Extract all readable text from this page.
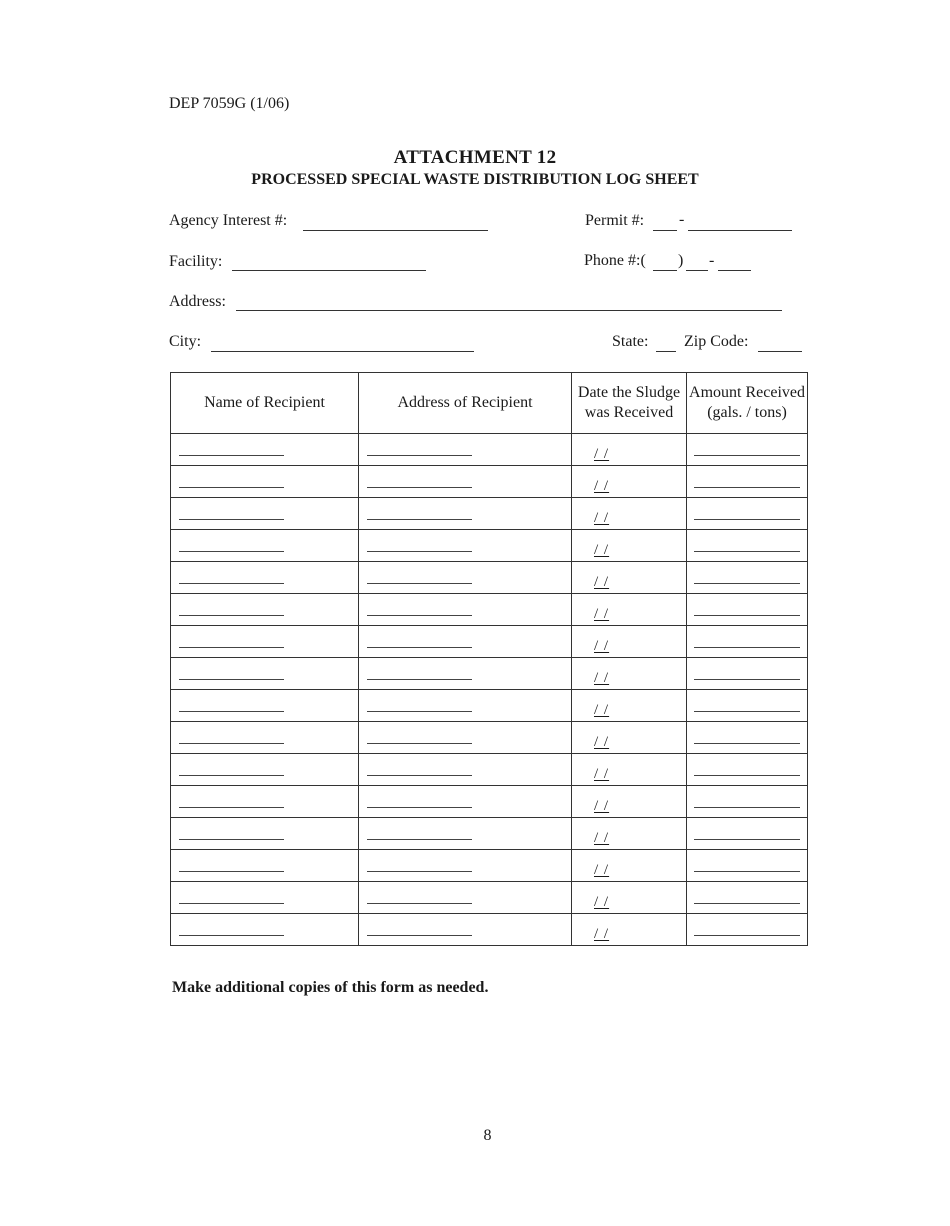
DEP 7059G (1/06)
ATTACHMENT 12
PROCESSED SPECIAL WASTE DISTRIBUTION LOG SHEET
Agency Interest #:	Permit #: -
Facility:	Phone #:( ) -
Address:
City:	State: Zip Code:
Name of Recipient	Address of Recipient	Date the Sludge was Received	Amount Received (gals. / tons)

		/ /	

		/ /	

		/ /	

		/ /	

		/ /	

		/ /	

		/ /	

		/ /	

		/ /	

		/ /	

		/ /	

		/ /	

		/ /	

		/ /	

		/ /	

		/ /	

Make additional copies of this form as needed.
8
